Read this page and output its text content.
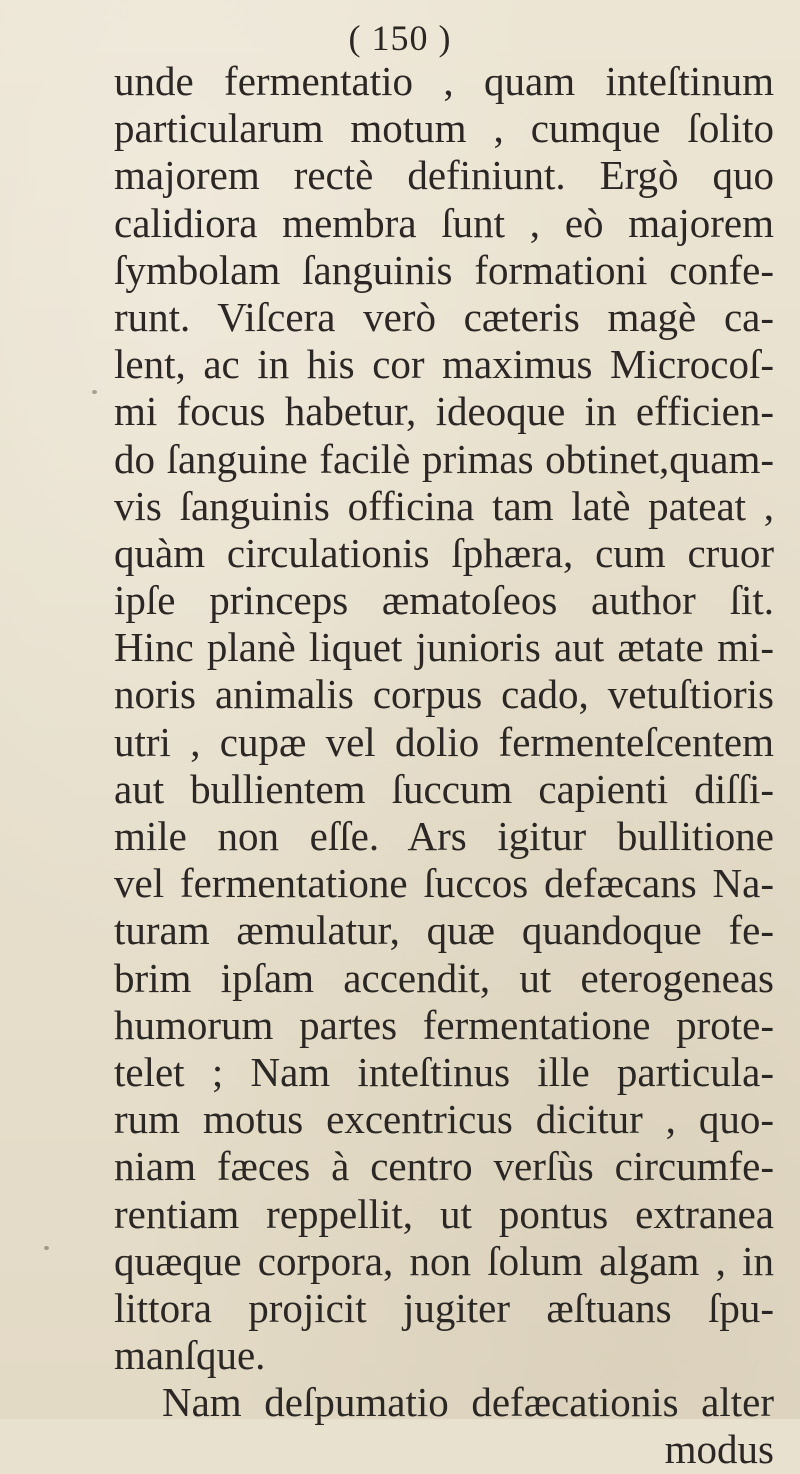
( 150 )
unde fermentatio , quam inteſtinum
particularum motum , cumque ſolito
majorem rectè definiunt. Ergò quo
calidiora membra ſunt , eò majorem
ſymbolam ſanguinis formationi confe-
runt. Viſcera verò cæteris magè ca-
lent, ac in his cor maximus Microcoſ-
mi focus habetur, ideoque in efficien-
do ſanguine facilè primas obtinet,quam-
vis ſanguinis officina tam latè pateat ,
quàm circulationis ſphæra, cum cruor
ipſe princeps æmatoſeos author ſit.
Hinc planè liquet junioris aut ætate mi-
noris animalis corpus cado, vetuſtioris
utri , cupæ vel dolio fermenteſcentem
aut bullientem ſuccum capienti diſſi-
mile non eſſe. Ars igitur bullitione
vel fermentatione ſuccos defæcans Na-
turam æmulatur, quæ quandoque fe-
brim ipſam accendit, ut eterogeneas
humorum partes fermentatione prote-
telet ; Nam inteſtinus ille particula-
rum motus excentricus dicitur , quo-
niam fæces à centro verſùs circumfe-
rentiam reppellit, ut pontus extranea
quæque corpora, non ſolum algam , in
littora projicit jugiter æſtuans ſpu-
manſque.
Nam deſpumatio defæcationis alter
modus
